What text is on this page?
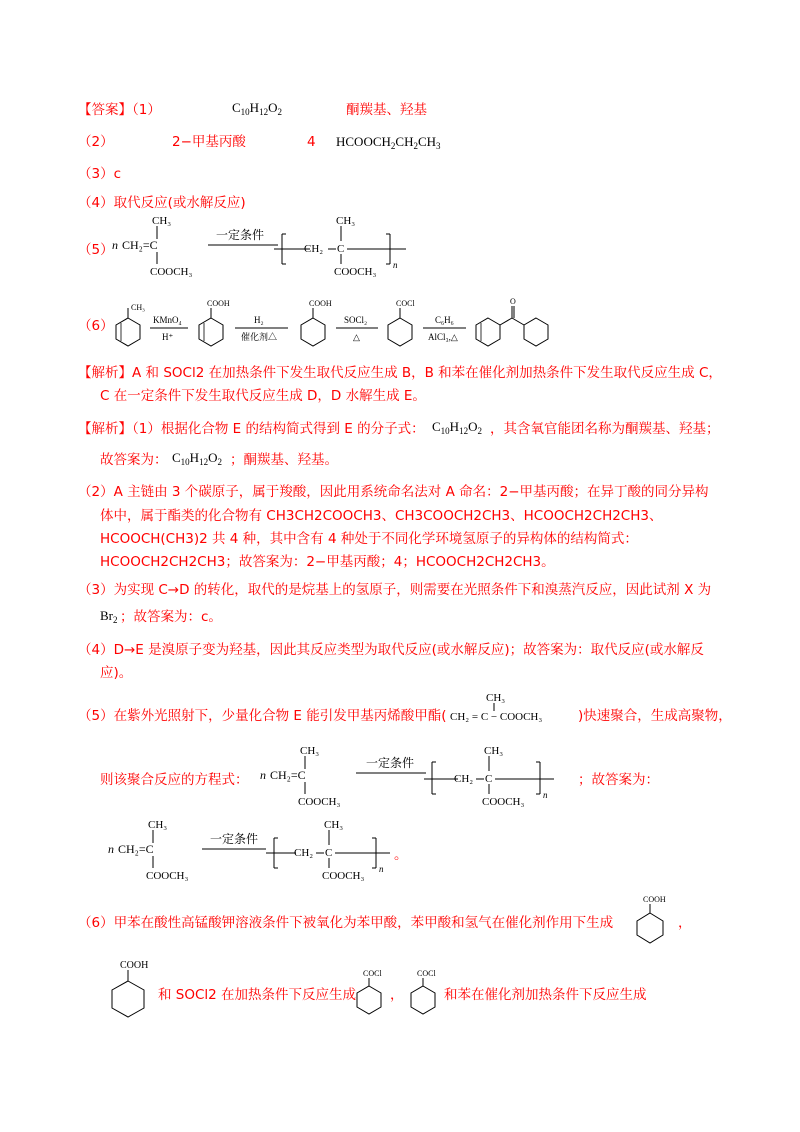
【答案】（1）	$C_{10}H_{12}O_2$	酮羰基、羟基
（2）	2−甲基丙酸	4 $HCOOCH_2CH_2CH_3$
（3）c
（4）取代反应(或水解反应)
（5）
n CH₂=C
CH₃
COOCH₃
一定条件
CH₂ C
CH₃
COOCH₃
n
（6）
CH₃
KMnO₄
H⁺
COOH
H₂
催化剂△
COOH
SOCl₂
△
COCl
C₆H₆
AlCl₃,△
O
【解析】A 和 SOCl2 在加热条件下发生取代反应生成 B，B 和苯在催化剂加热条件下发生取代反应生成 C，
C 在一定条件下发生取代反应生成 D，D 水解生成 E。
【解析】（1）根据化合物 E 的结构简式得到 E 的分子式： $C_{10}H_{12}O_2$ ，其含氧官能团名称为酮羰基、羟基；
故答案为： $C_{10}H_{12}O_2$ ；酮羰基、羟基。
（2）A 主链由 3 个碳原子，属于羧酸，因此用系统命名法对 A 命名：2−甲基丙酸；在异丁酸的同分异构
体中，属于酯类的化合物有 CH3CH2COOCH3、CH3COOCH2CH3、HCOOCH2CH2CH3、
HCOOCH(CH3)2 共 4 种，其中含有 4 种处于不同化学环境氢原子的异构体的结构简式：
HCOOCH2CH2CH3；故答案为：2−甲基丙酸；4；HCOOCH2CH2CH3。
（3）为实现 C→D 的转化，取代的是烷基上的氢原子，则需要在光照条件下和溴蒸汽反应，因此试剂 X 为
$Br_2$ ；故答案为：c。
（4）D→E 是溴原子变为羟基，因此其反应类型为取代反应(或水解反应)；故答案为：取代反应(或水解反
应)。
（5）在紫外光照射下，少量化合物 E 能引发甲基丙烯酸甲酯(
CH₃
CH₂ = C − COOCH₃	)快速聚合，生成高聚物，
则该聚合反应的方程式： n CH₂=C
CH₃
COOCH₃
一定条件
CH₂ C
CH₃
COOCH₃
n
；故答案为：
n CH₂=C
CH₃
COOCH₃
一定条件
CH₂ C
CH₃
COOCH₃
n
。
（6）甲苯在酸性高锰酸钾溶液条件下被氧化为苯甲酸，苯甲酸和氢气在催化剂作用下生成
COOH
，
COOH
和 SOCl2 在加热条件下反应生成
COCl
，
COCl
和苯在催化剂加热条件下反应生成
